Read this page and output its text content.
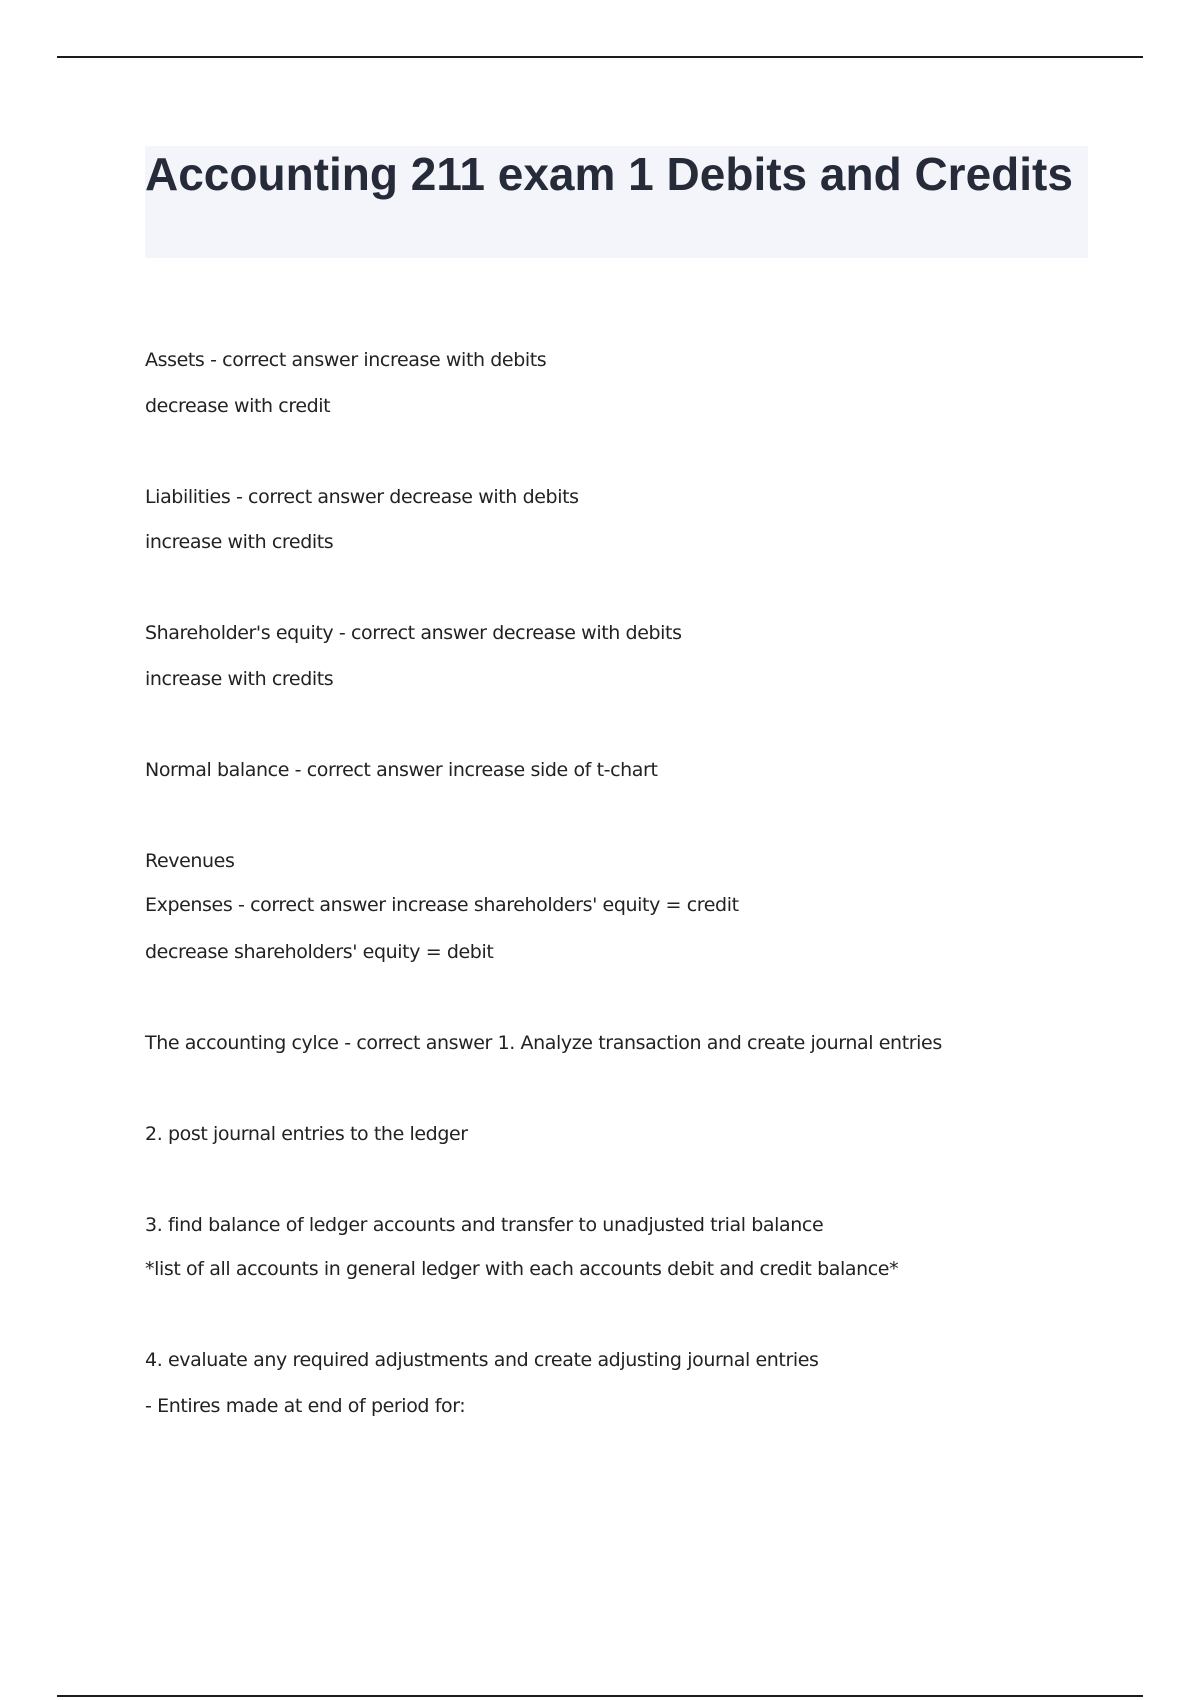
Accounting 211 exam 1 Debits and Credits
Assets - correct answer increase with debits
decrease with credit
Liabilities - correct answer decrease with debits
increase with credits
Shareholder's equity - correct answer decrease with debits
increase with credits
Normal balance - correct answer increase side of t-chart
Revenues
Expenses - correct answer increase shareholders' equity = credit
decrease shareholders' equity = debit
The accounting cylce - correct answer 1. Analyze transaction and create journal entries
2. post journal entries to the ledger
3. find balance of ledger accounts and transfer to unadjusted trial balance
*list of all accounts in general ledger with each accounts debit and credit balance*
4. evaluate any required adjustments and create adjusting journal entries
- Entires made at end of period for:
